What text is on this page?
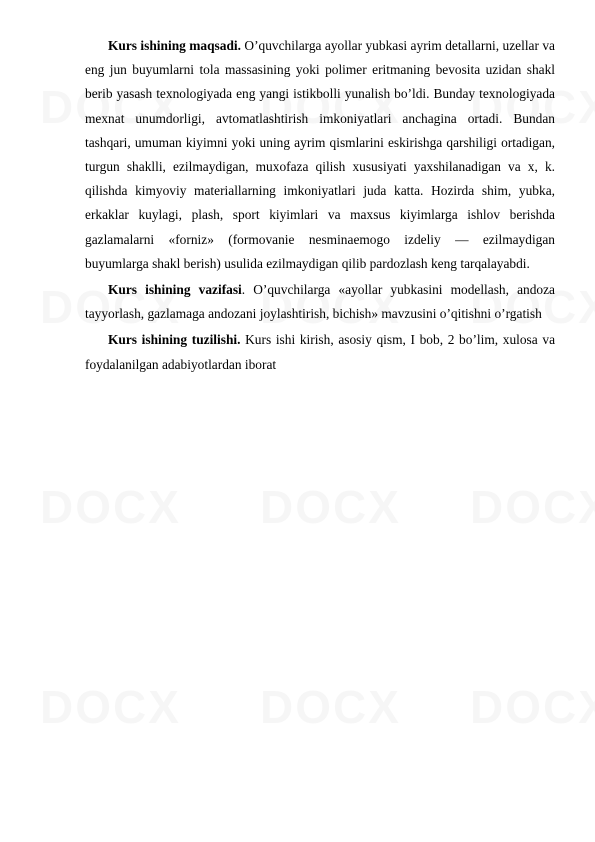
Kurs ishining maqsadi. O’quvchilarga ayollar yubkasi ayrim detallarni, uzellar va eng jun buyumlarni tola massasining yoki polimer eritmaning bevosita uzidan shakl berib yasash texnologiyada eng yangi istikbolli yunalish bo’ldi. Bunday texnologiyada mexnat unumdorligi, avtomatlashtirish imkoniyatlari anchagina ortadi. Bundan tashqari, umuman kiyimni yoki uning ayrim qismlarini eskirishga qarshiligi ortadigan, turgun shaklli, ezilmaydigan, muxofaza qilish xususiyati yaxshilanadigan va x, k. qilishda kimyoviy materiallarning imkoniyatlari juda katta. Hozirda shim, yubka, erkaklar kuylagi, plash, sport kiyimlari va maxsus kiyimlarga ishlov berishda gazlamalarni «forniz» (formovanie nesminaemogo izdeliy — ezilmaydigan buyumlarga shakl berish) usulida ezilmaydigan qilib pardozlash keng tarqalayabdi.

Kurs ishining vazifasi. O’quvchilarga «ayollar yubkasini modellash, andoza tayyorlash, gazlamaga andozani joylashtirish, bichish» mavzusini o’qitishni o’rgatish

Kurs ishining tuzilishi. Kurs ishi kirish, asosiy qism, I bob, 2 bo’lim, xulosa va foydalanilgan adabiyotlardan iborat
